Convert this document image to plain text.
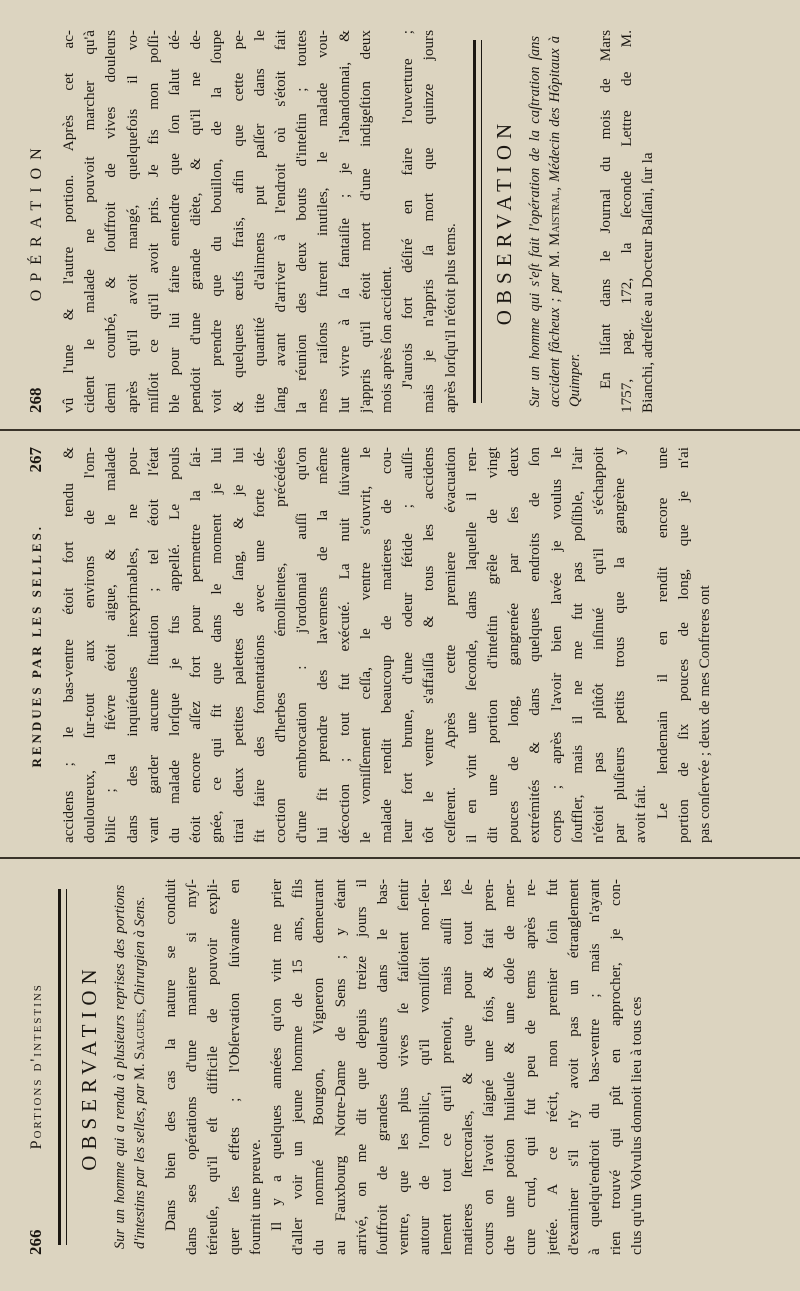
266
Portions d'intestins OBSERVATION Sur un homme qui a rendu à plusieurs reprises des portions d'intestins par les selles, par M. Salgues, Chirurgien à Sens. Dans bien des cas la nature se conduit dans ses opérations d'une maniere si myſ- térieuſe, qu'il eſt difficile de pouvoir expli- quer ſes effets ; l'Obſervation ſuivante en fournit une preuve. Il y a quelques années qu'on vint me prier d'aller voir un jeune homme de 15 ans, fils du nommé Bourgon, Vigneron demeurant au Fauxbourg Notre-Dame de Sens ; y étant arrivé, on me dit que depuis treize jours il ſouffroit de grandes douleurs dans le bas- ventre, que les plus vives ſe faiſoient ſentir autour de l'ombilic, qu'il vomiſſoit non-ſeu- lement tout ce qu'il prenoit, mais auſſi les matieres ſtercorales, & que pour tout ſe- cours on l'avoit ſaigné une fois, & fait pren- dre une potion huileuſe & une doſe de mer- cure crud, qui fut peu de tems après re- jettée. A ce récit, mon premier ſoin fut d'examiner s'il n'y avoit pas un étranglement à quelqu'endroit du bas-ventre ; mais n'ayant rien trouvé qui pût en approcher, je con- clus qu'un Volvulus donnoit lieu à tous ces
RENDUES PAR LES SELLES.
267 accidens ; le bas-ventre étoit fort tendu & douloureux, ſur-tout aux environs de l'om- bilic ; la fiévre étoit aigue, & le malade dans des inquiétudes inexprimables, ne pou- vant garder aucune ſituation ; tel étoit l'état du malade lorſque je fus appellé. Le pouls étoit encore aſſez fort pour permettre la ſai- gnée, ce qui fit que dans le moment je lui tirai deux petites palettes de ſang, & je lui fit faire des fomentations avec une forte dé- coction d'herbes émollientes, précédées d'une embrocation : j'ordonnai auſſi qu'on lui fit prendre des lavemens de la même décoction ; tout fut exécuté. La nuit ſuivante le vomiſſement ceſſa, le ventre s'ouvrit, le malade rendit beaucoup de matieres de cou- leur fort brune, d'une odeur fétide ; auſſi- tôt le ventre s'affaiſſa & tous les accidens ceſſerent. Après cette premiere évacuation il en vint une ſeconde, dans laquelle il ren- dit une portion d'inteſtin grêle de vingt pouces de long, gangrenée par ſes deux extrémités & dans quelques endroits de ſon corps ; après l'avoir bien lavée je voulus le ſouffler, mais il ne me fut pas poſſible, l'air n'étoit pas plûtôt inſinué qu'il s'échappoit par pluſieurs petits trous que la gangrène y avoit fait. Le lendemain il en rendit encore une portion de ſix pouces de long, que je n'ai pas conſervée ; deux de mes Confreres ont
268
OPÉRATION vû l'une & l'autre portion. Après cet ac- cident le malade ne pouvoit marcher qu'à demi courbé, & ſouffroit de vives douleurs après qu'il avoit mangé, quelquefois il vo- miſſoit ce qu'il avoit pris. Je fis mon poſſi- ble pour lui faire entendre que ſon ſalut dé- pendoit d'une grande diète, & qu'il ne de- voit prendre que du bouillon, de la ſoupe & quelques œufs frais, afin que cette pe- tite quantité d'alimens put paſſer dans le ſang avant d'arriver à l'endroit où s'étoit fait la réunion des deux bouts d'inteſtin ; toutes mes raiſons furent inutiles, le malade vou- lut vivre à ſa fantaiſie ; je l'abandonnai, & j'appris qu'il étoit mort d'une indigeſtion deux mois après ſon accident. J'aurois fort déſiré en faire l'ouverture ; mais je n'appris ſa mort que quinze jours après lorſqu'il n'étoit plus tems. OBSERVATION Sur un homme qui s'eſt fait l'opération de la caſtration ſans accident fâcheux ; par M. Maistral, Médecin des Hôpitaux à Quimper. En liſant dans le Journal du mois de Mars 1757, pag. 172, la ſeconde Lettre de M. Bianchi, adreſſée au Docteur Baſſani, ſur la
